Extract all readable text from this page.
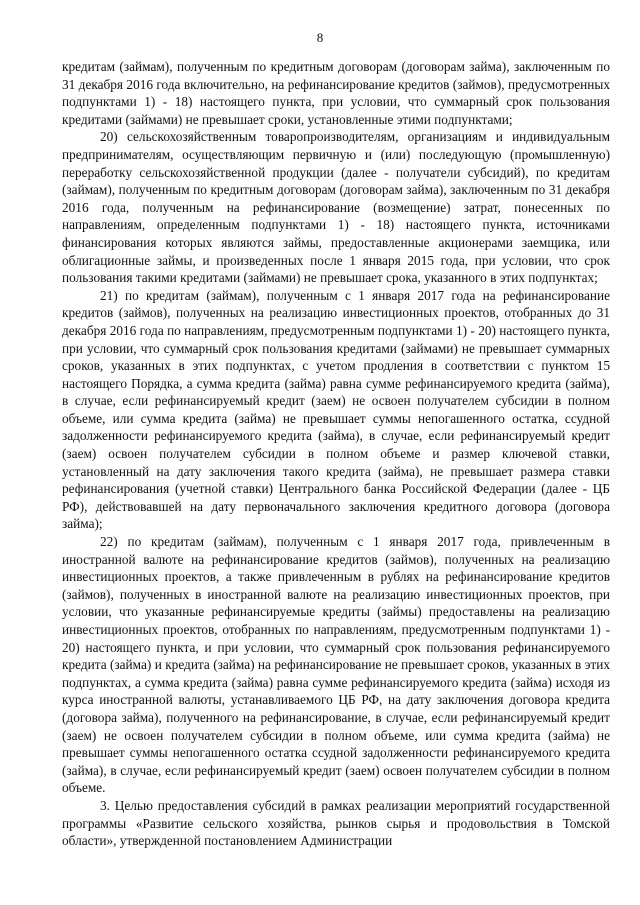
8

кредитам (займам), полученным по кредитным договорам (договорам займа), заключенным по 31 декабря 2016 года включительно, на рефинансирование кредитов (займов), предусмотренных подпунктами 1) - 18) настоящего пункта, при условии, что суммарный срок пользования кредитами (займами) не превышает сроки, установленные этими подпунктами;

20) сельскохозяйственным товаропроизводителям, организациям и индивидуальным предпринимателям, осуществляющим первичную и (или) последующую (промышленную) переработку сельскохозяйственной продукции (далее - получатели субсидий), по кредитам (займам), полученным по кредитным договорам (договорам займа), заключенным по 31 декабря 2016 года, полученным на рефинансирование (возмещение) затрат, понесенных по направлениям, определенным подпунктами 1) - 18) настоящего пункта, источниками финансирования которых являются займы, предоставленные акционерами заемщика, или облигационные займы, и произведенных после 1 января 2015 года, при условии, что срок пользования такими кредитами (займами) не превышает срока, указанного в этих подпунктах;

21) по кредитам (займам), полученным с 1 января 2017 года на рефинансирование кредитов (займов), полученных на реализацию инвестиционных проектов, отобранных до 31 декабря 2016 года по направлениям, предусмотренным подпунктами 1) - 20) настоящего пункта, при условии, что суммарный срок пользования кредитами (займами) не превышает суммарных сроков, указанных в этих подпунктах, с учетом продления в соответствии с пунктом 15 настоящего Порядка, а сумма кредита (займа) равна сумме рефинансируемого кредита (займа), в случае, если рефинансируемый кредит (заем) не освоен получателем субсидии в полном объеме, или сумма кредита (займа) не превышает суммы непогашенного остатка, ссудной задолженности рефинансируемого кредита (займа), в случае, если рефинансируемый кредит (заем) освоен получателем субсидии в полном объеме и размер ключевой ставки, установленный на дату заключения такого кредита (займа), не превышает размера ставки рефинансирования (учетной ставки) Центрального банка Российской Федерации (далее - ЦБ РФ), действовавшей на дату первоначального заключения кредитного договора (договора займа);

22) по кредитам (займам), полученным с 1 января 2017 года, привлеченным в иностранной валюте на рефинансирование кредитов (займов), полученных на реализацию инвестиционных проектов, а также привлеченным в рублях на рефинансирование кредитов (займов), полученных в иностранной валюте на реализацию инвестиционных проектов, при условии, что указанные рефинансируемые кредиты (займы) предоставлены на реализацию инвестиционных проектов, отобранных по направлениям, предусмотренным подпунктами 1) - 20) настоящего пункта, и при условии, что суммарный срок пользования рефинансируемого кредита (займа) и кредита (займа) на рефинансирование не превышает сроков, указанных в этих подпунктах, а сумма кредита (займа) равна сумме рефинансируемого кредита (займа) исходя из курса иностранной валюты, устанавливаемого ЦБ РФ, на дату заключения договора кредита (договора займа), полученного на рефинансирование, в случае, если рефинансируемый кредит (заем) не освоен получателем субсидии в полном объеме, или сумма кредита (займа) не превышает суммы непогашенного остатка ссудной задолженности рефинансируемого кредита (займа), в случае, если рефинансируемый кредит (заем) освоен получателем субсидии в полном объеме.

3. Целью предоставления субсидий в рамках реализации мероприятий государственной программы «Развитие сельского хозяйства, рынков сырья и продовольствия в Томской области», утвержденной постановлением Администрации
